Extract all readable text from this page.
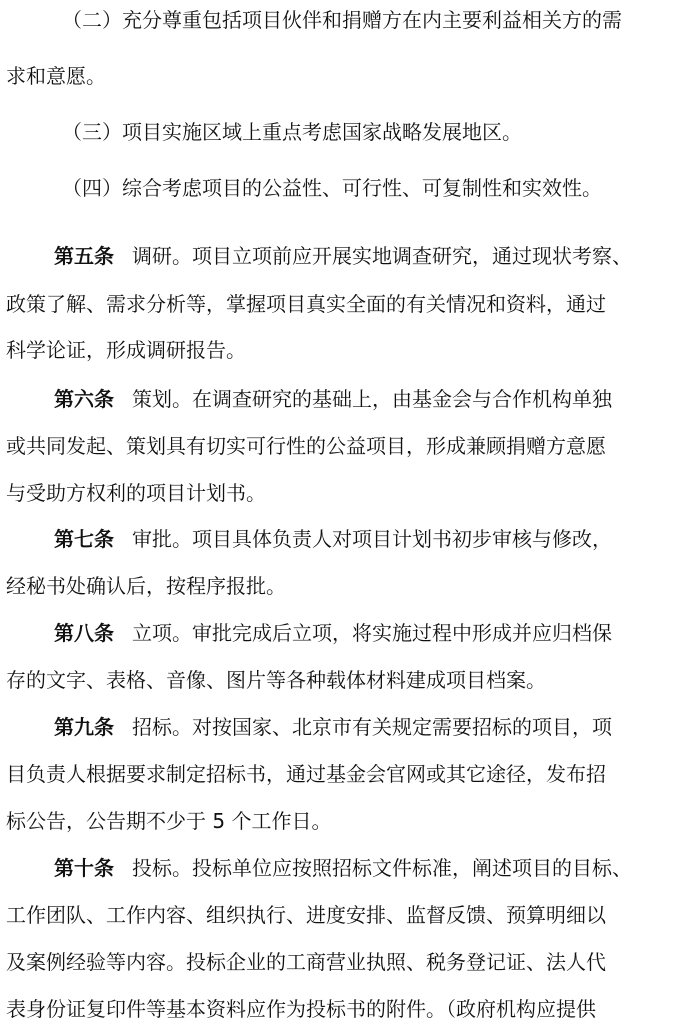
（二）充分尊重包括项目伙伴和捐赠方在内主要利益相关方的需
求和意愿。
（三）项目实施区域上重点考虑国家战略发展地区。
（四）综合考虑项目的公益性、可行性、可复制性和实效性。
第五条 调研。项目立项前应开展实地调查研究，通过现状考察、
政策了解、需求分析等，掌握项目真实全面的有关情况和资料，通过
科学论证，形成调研报告。
第六条 策划。在调查研究的基础上，由基金会与合作机构单独
或共同发起、策划具有切实可行性的公益项目，形成兼顾捐赠方意愿
与受助方权利的项目计划书。
第七条 审批。项目具体负责人对项目计划书初步审核与修改，
经秘书处确认后，按程序报批。
第八条 立项。审批完成后立项，将实施过程中形成并应归档保
存的文字、表格、音像、图片等各种载体材料建成项目档案。
第九条 招标。对按国家、北京市有关规定需要招标的项目，项
目负责人根据要求制定招标书，通过基金会官网或其它途径，发布招
标公告，公告期不少于 5 个工作日。
第十条 投标。投标单位应按照招标文件标准，阐述项目的目标、
工作团队、工作内容、组织执行、进度安排、监督反馈、预算明细以
及案例经验等内容。投标企业的工商营业执照、税务登记证、法人代
表身份证复印件等基本资料应作为投标书的附件。（政府机构应提供
